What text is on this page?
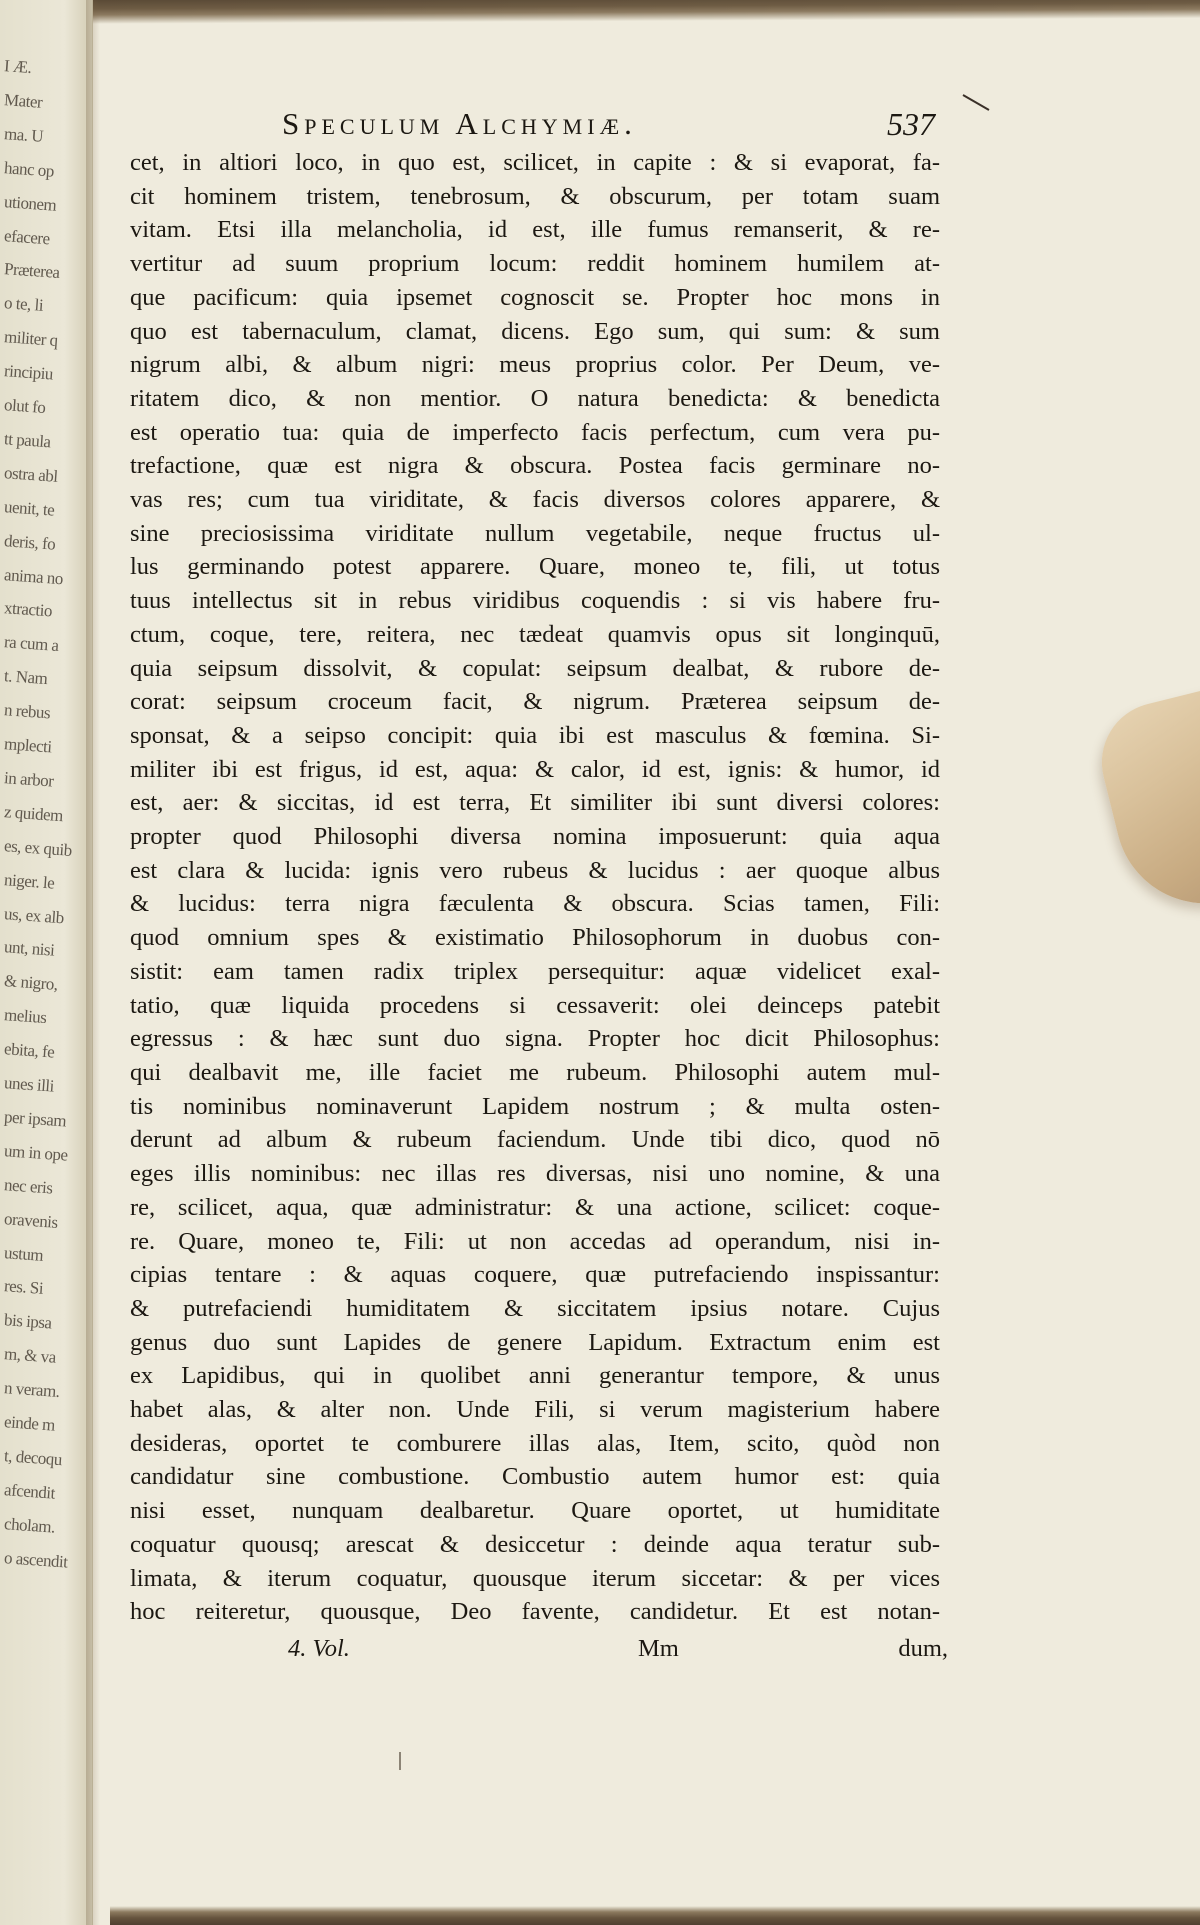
I Æ.
Mater
ma. U
hanc op
utionem
efacere
Præterea
o te, li
militer q
rincipiu
olut fo
tt paula
ostra abl
uenit, te
deris, fo
anima no
xtractio
ra cum a
t. Nam
n rebus
mplecti
in arbor
z quidem
es, ex quib
niger. le
us, ex alb
unt, nisi
& nigro,
melius
ebita, fe
unes illi
per ipsam
um in ope
nec eris
oravenis
ustum
res. Si
bis ipsa
m, & va
n veram.
einde m
t, decoqu
afcendit
cholam.
o ascendit
Speculum Alchymiæ.	537
cet, in altiori loco, in quo est, scilicet, in capite : & si evaporat, fa-
cit hominem tristem, tenebrosum, & obscurum, per totam suam
vitam. Etsi illa melancholia, id est, ille fumus remanserit, & re-
vertitur ad suum proprium locum: reddit hominem humilem at-
que pacificum: quia ipsemet cognoscit se. Propter hoc mons in
quo est tabernaculum, clamat, dicens. Ego sum, qui sum: & sum
nigrum albi, & album nigri: meus proprius color. Per Deum, ve-
ritatem dico, & non mentior. O natura benedicta: & benedicta
est operatio tua: quia de imperfecto facis perfectum, cum vera pu-
trefactione, quæ est nigra & obscura. Postea facis germinare no-
vas res; cum tua viriditate, & facis diversos colores apparere, &
sine preciosissima viriditate nullum vegetabile, neque fructus ul-
lus germinando potest apparere. Quare, moneo te, fili, ut totus
tuus intellectus sit in rebus viridibus coquendis : si vis habere fru-
ctum, coque, tere, reitera, nec tædeat quamvis opus sit longinquū,
quia seipsum dissolvit, & copulat: seipsum dealbat, & rubore de-
corat: seipsum croceum facit, & nigrum. Præterea seipsum de-
sponsat, & a seipso concipit: quia ibi est masculus & fœmina. Si-
militer ibi est frigus, id est, aqua: & calor, id est, ignis: & humor, id
est, aer: & siccitas, id est terra, Et similiter ibi sunt diversi colores:
propter quod Philosophi diversa nomina imposuerunt: quia aqua
est clara & lucida: ignis vero rubeus & lucidus : aer quoque albus
& lucidus: terra nigra fæculenta & obscura. Scias tamen, Fili:
quod omnium spes & existimatio Philosophorum in duobus con-
sistit: eam tamen radix triplex persequitur: aquæ videlicet exal-
tatio, quæ liquida procedens si cessaverit: olei deinceps patebit
egressus : & hæc sunt duo signa. Propter hoc dicit Philosophus:
qui dealbavit me, ille faciet me rubeum. Philosophi autem mul-
tis nominibus nominaverunt Lapidem nostrum ; & multa osten-
derunt ad album & rubeum faciendum. Unde tibi dico, quod nō
eges illis nominibus: nec illas res diversas, nisi uno nomine, & una
re, scilicet, aqua, quæ administratur: & una actione, scilicet: coque-
re. Quare, moneo te, Fili: ut non accedas ad operandum, nisi in-
cipias tentare : & aquas coquere, quæ putrefaciendo inspissantur:
& putrefaciendi humiditatem & siccitatem ipsius notare. Cujus
genus duo sunt Lapides de genere Lapidum. Extractum enim est
ex Lapidibus, qui in quolibet anni generantur tempore, & unus
habet alas, & alter non. Unde Fili, si verum magisterium habere
desideras, oportet te comburere illas alas, Item, scito, quòd non
candidatur sine combustione. Combustio autem humor est: quia
nisi esset, nunquam dealbaretur. Quare oportet, ut humiditate
coquatur quousq; arescat & desiccetur : deinde aqua teratur sub-
limata, & iterum coquatur, quousque iterum siccetar: & per vices
hoc reiteretur, quousque, Deo favente, candidetur. Et est notan-
4. Vol.	Mm	dum,
